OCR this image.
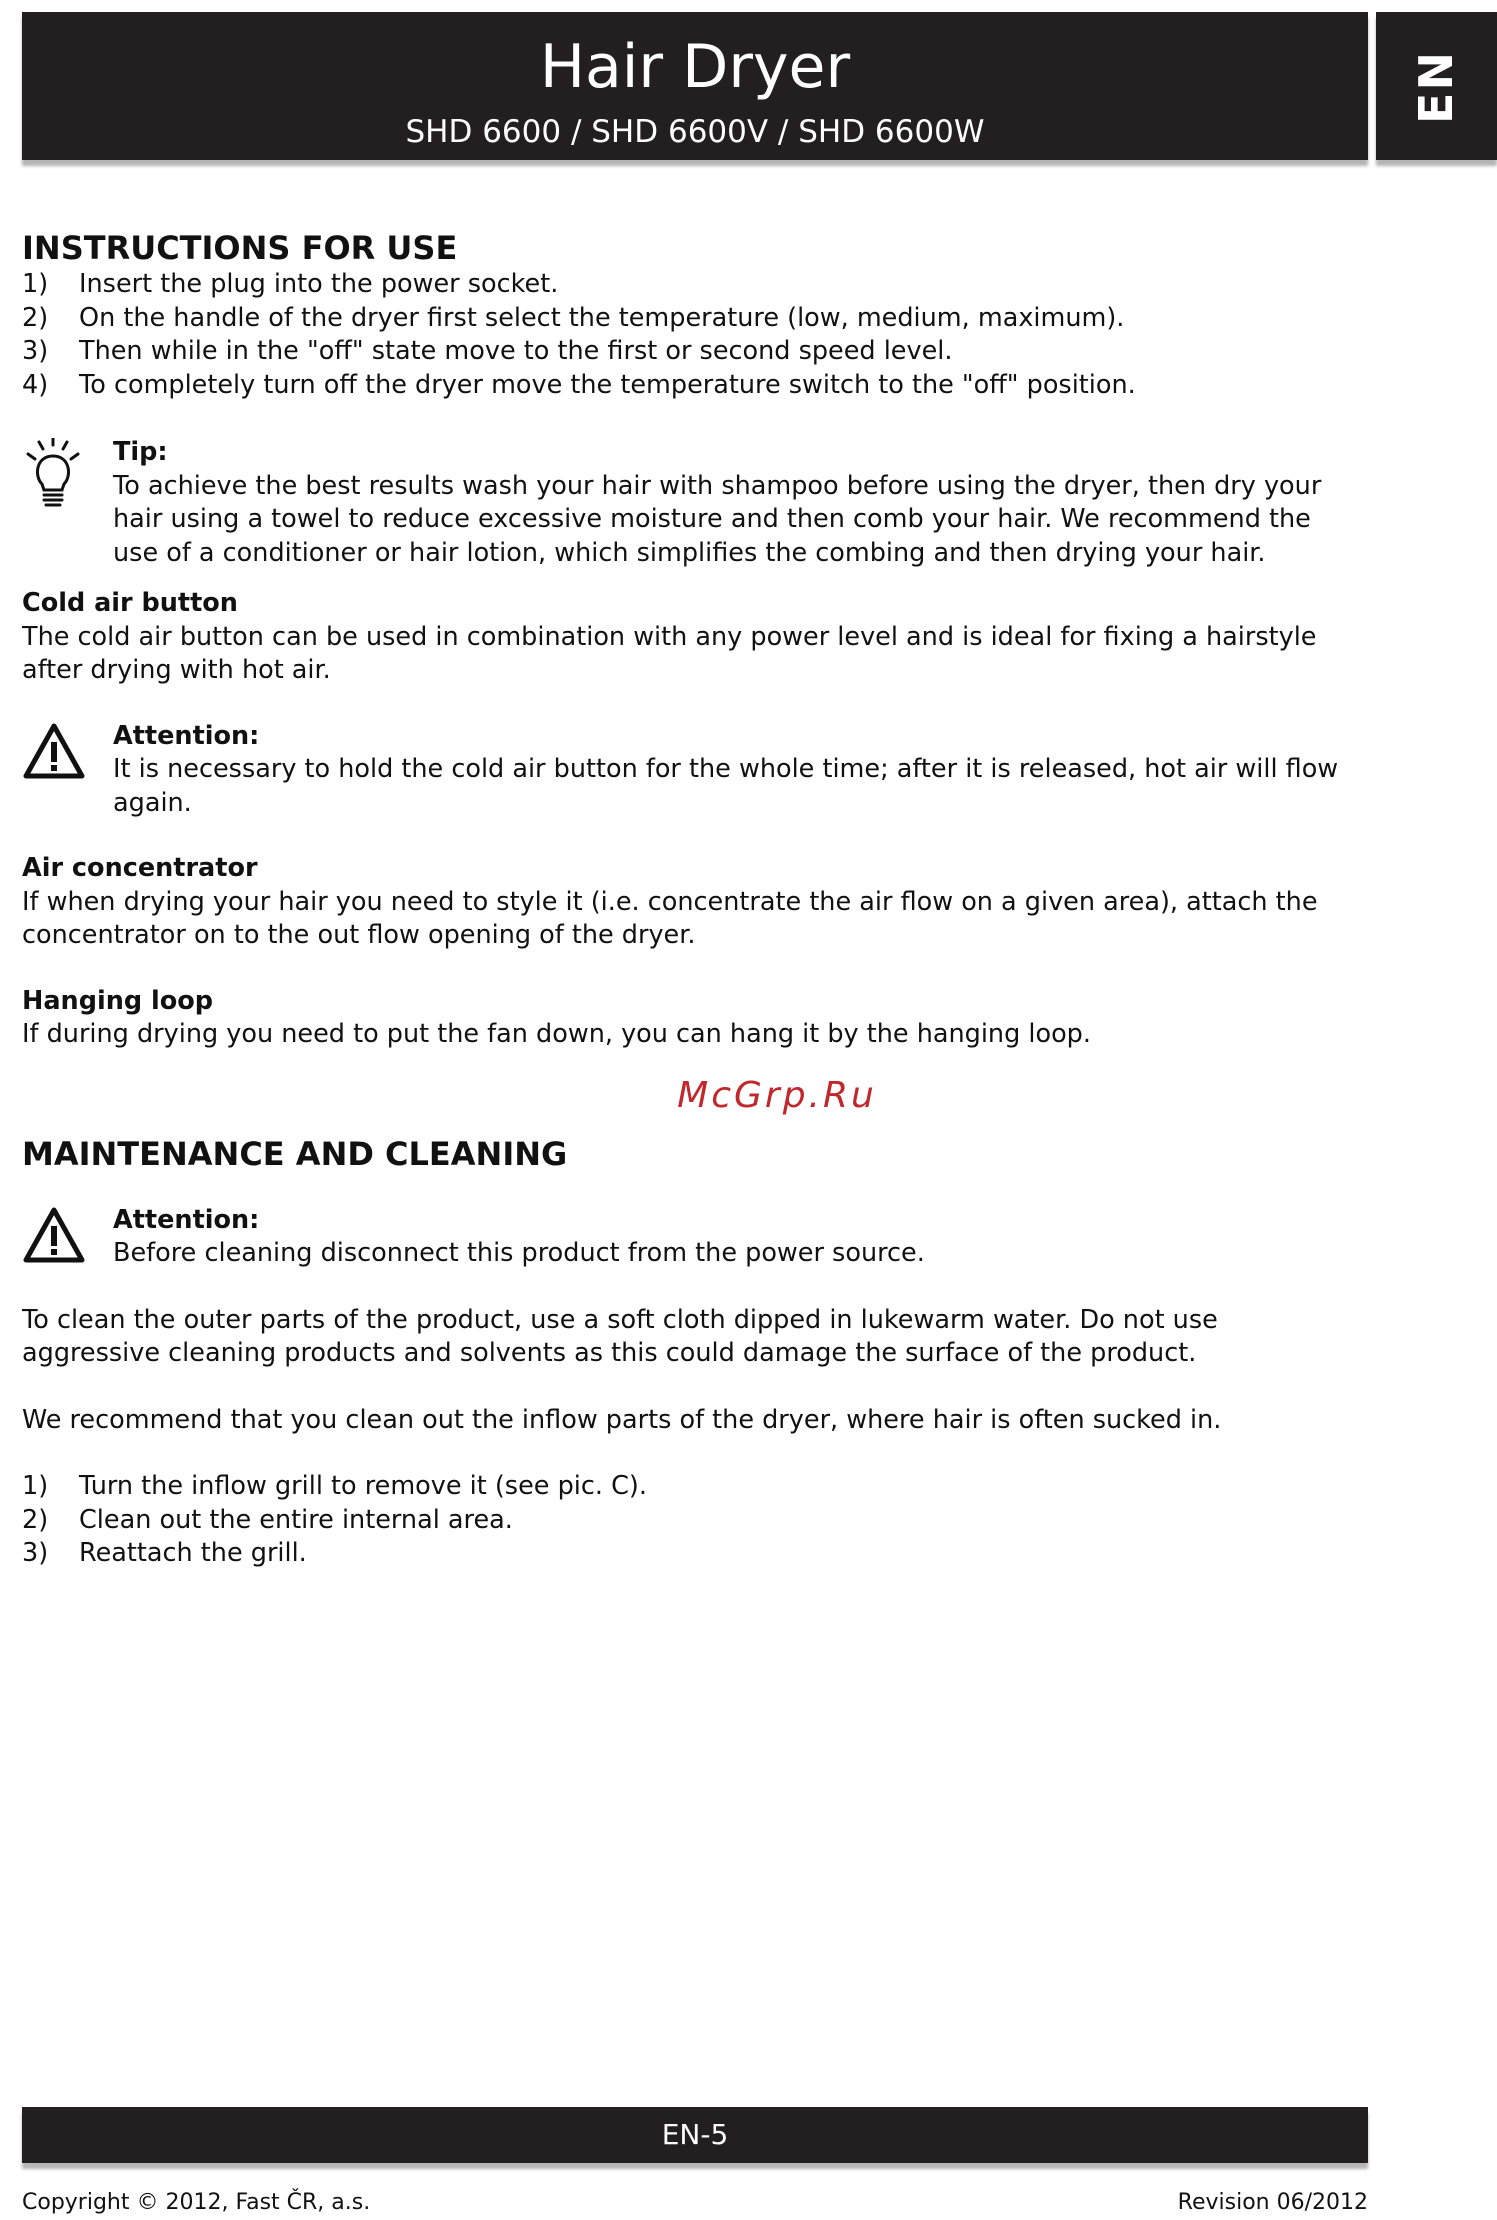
Hair Dryer
SHD 6600 / SHD 6600V / SHD 6600W
EN
INSTRUCTIONS FOR USE
1)	Insert the plug into the power socket.
2)	On the handle of the dryer first select the temperature (low, medium, maximum).
3)	Then while in the "off" state move to the first or second speed level.
4)	To completely turn off the dryer move the temperature switch to the "off" position.

Tip:

To achieve the best results wash your hair with shampoo before using the dryer, then dry your hair using a towel to reduce excessive moisture and then comb your hair. We recommend the use of a conditioner or hair lotion, which simplifies the combing and then drying your hair.

Cold air button

The cold air button can be used in combination with any power level and is ideal for fixing a hairstyle after drying with hot air.

Attention:

It is necessary to hold the cold air button for the whole time; after it is released, hot air will flow again.

Air concentrator

If when drying your hair you need to style it (i.e. concentrate the air flow on a given area), attach the concentrator on to the out flow opening of the dryer.

Hanging loop

If during drying you need to put the fan down, you can hang it by the hanging loop.

McGrp.Ru
MAINTENANCE AND CLEANING

Attention:

Before cleaning disconnect this product from the power source.

To clean the outer parts of the product, use a soft cloth dipped in lukewarm water. Do not use aggressive cleaning products and solvents as this could damage the surface of the product.

We recommend that you clean out the inflow parts of the dryer, where hair is often sucked in.

1)	Turn the inflow grill to remove it (see pic. C).
2)	Clean out the entire internal area.
3)	Reattach the grill.
EN-5
Copyright © 2012, Fast ČR, a.s.	Revision 06/2012
